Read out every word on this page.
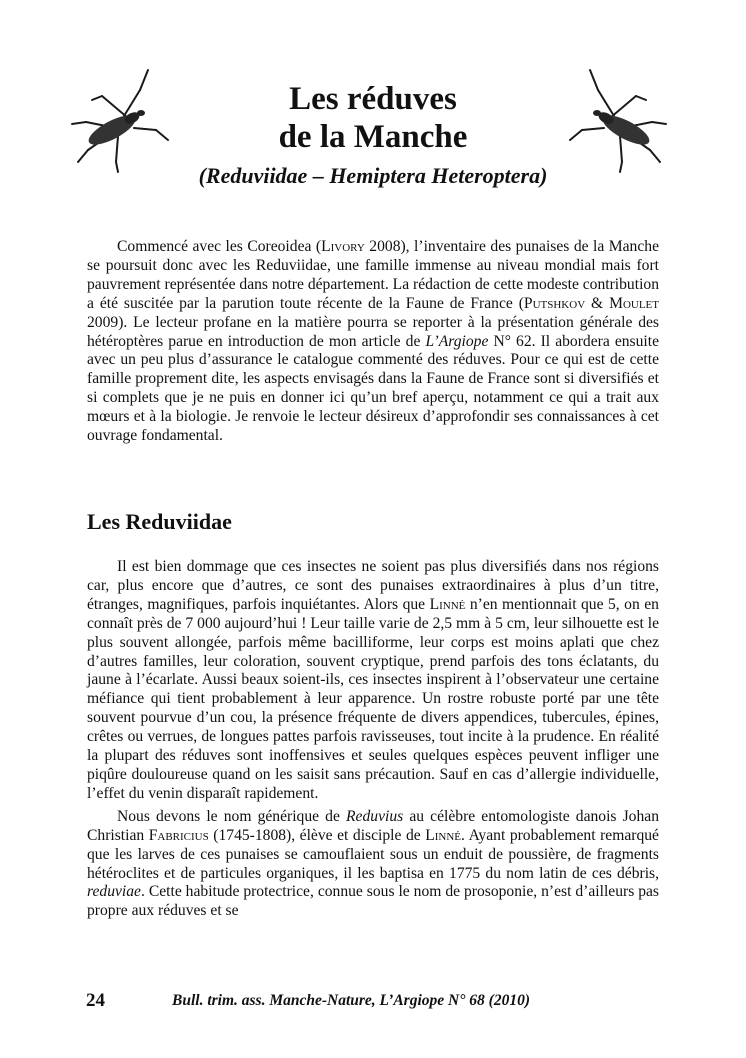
Les réduves
de la Manche
(Reduviidae – Hemiptera Heteroptera)

Commencé avec les Coreoidea (Livory 2008), l’inventaire des punaises de la Manche se poursuit donc avec les Reduviidae, une famille immense au niveau mondial mais fort pauvrement représentée dans notre département. La rédaction de cette modeste contribution a été suscitée par la parution toute récente de la Faune de France (Putshkov & Moulet 2009). Le lecteur profane en la matière pourra se reporter à la présentation générale des hétéroptères parue en introduction de mon article de L’Argiope N° 62. Il abordera ensuite avec un peu plus d’assurance le catalogue commenté des réduves. Pour ce qui est de cette famille proprement dite, les aspects envisagés dans la Faune de France sont si diversifiés et si complets que je ne puis en donner ici qu’un bref aperçu, notamment ce qui a trait aux mœurs et à la biologie. Je renvoie le lecteur désireux d’approfondir ses connaissances à cet ouvrage fondamental.

Les Reduviidae

Il est bien dommage que ces insectes ne soient pas plus diversifiés dans nos régions car, plus encore que d’autres, ce sont des punaises extraordinaires à plus d’un titre, étranges, magnifiques, parfois inquiétantes. Alors que Linné n’en mentionnait que 5, on en connaît près de 7 000 aujourd’hui ! Leur taille varie de 2,5 mm à 5 cm, leur silhouette est le plus souvent allongée, parfois même bacilliforme, leur corps est moins aplati que chez d’autres familles, leur coloration, souvent cryptique, prend parfois des tons éclatants, du jaune à l’écarlate. Aussi beaux soient-ils, ces insectes inspirent à l’observateur une certaine méfiance qui tient probablement à leur apparence. Un rostre robuste porté par une tête souvent pourvue d’un cou, la présence fréquente de divers appendices, tubercules, épines, crêtes ou verrues, de longues pattes parfois ravisseuses, tout incite à la prudence. En réalité la plupart des réduves sont inoffensives et seules quelques espèces peuvent infliger une piqûre douloureuse quand on les saisit sans précaution. Sauf en cas d’allergie individuelle, l’effet du venin disparaît rapidement.

Nous devons le nom générique de Reduvius au célèbre entomologiste danois Johan Christian Fabricius (1745-1808), élève et disciple de Linné. Ayant probablement remarqué que les larves de ces punaises se camouflaient sous un enduit de poussière, de fragments hétéroclites et de particules organiques, il les baptisa en 1775 du nom latin de ces débris, reduviae. Cette habitude protectrice, connue sous le nom de prosoponie, n’est d’ailleurs pas propre aux réduves et se

24	Bull. trim. ass. Manche-Nature, L’Argiope N° 68 (2010)
